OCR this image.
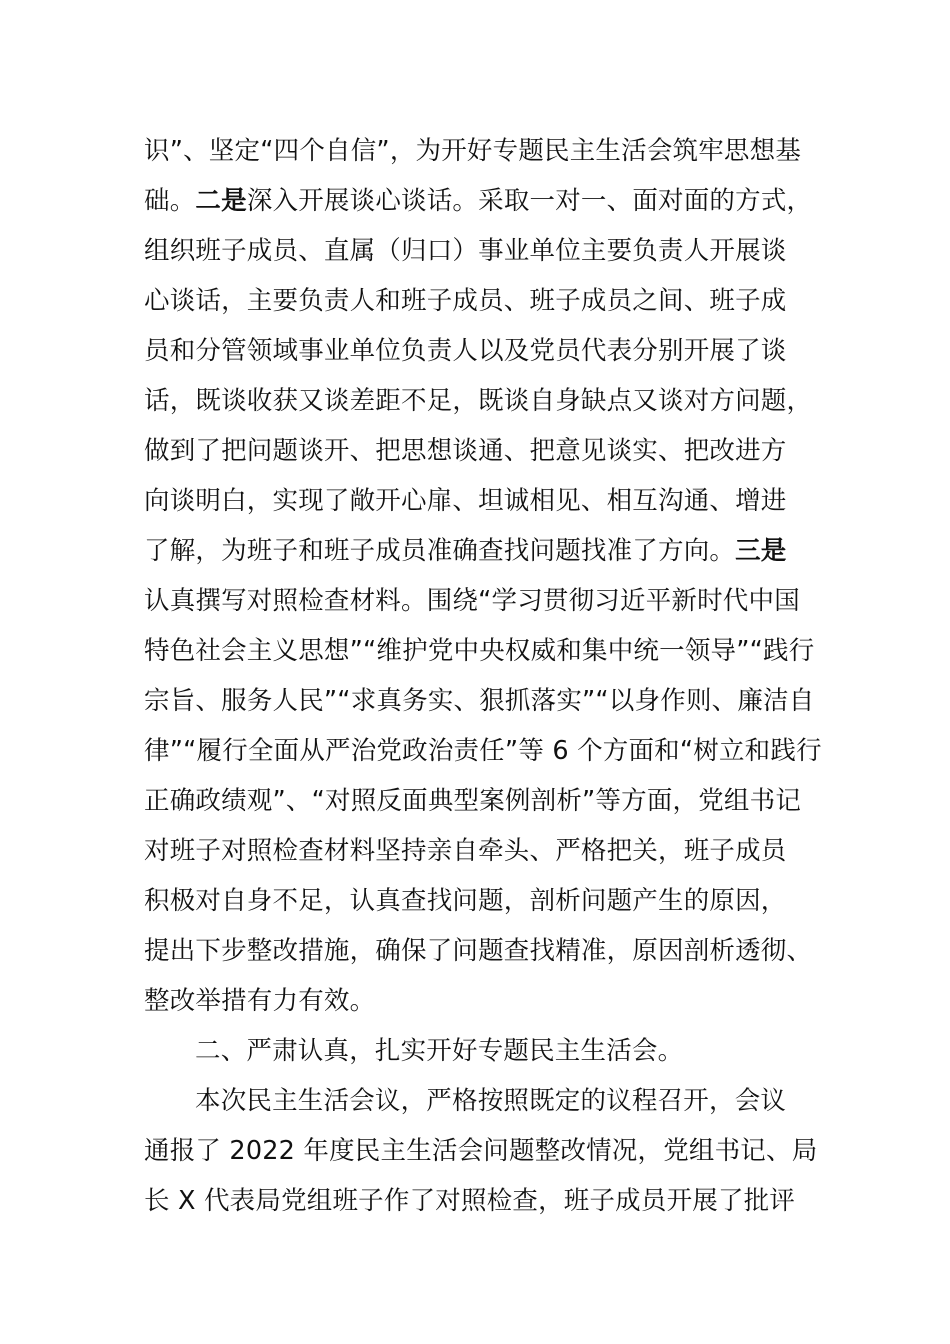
识”、坚定“四个自信”，为开好专题民主生活会筑牢思想基
础。二是深入开展谈心谈话。采取一对一、面对面的方式，
组织班子成员、直属（归口）事业单位主要负责人开展谈
心谈话，主要负责人和班子成员、班子成员之间、班子成
员和分管领域事业单位负责人以及党员代表分别开展了谈
话，既谈收获又谈差距不足，既谈自身缺点又谈对方问题，
做到了把问题谈开、把思想谈通、把意见谈实、把改进方
向谈明白，实现了敞开心扉、坦诚相见、相互沟通、增进
了解，为班子和班子成员准确查找问题找准了方向。三是
认真撰写对照检查材料。围绕“学习贯彻习近平新时代中国
特色社会主义思想”“维护党中央权威和集中统一领导”“践行
宗旨、服务人民”“求真务实、狠抓落实”“以身作则、廉洁自
律”“履行全面从严治党政治责任”等 6 个方面和“树立和践行
正确政绩观”、“对照反面典型案例剖析”等方面，党组书记
对班子对照检查材料坚持亲自牵头、严格把关，班子成员
积极对自身不足，认真查找问题，剖析问题产生的原因，
提出下步整改措施，确保了问题查找精准，原因剖析透彻、
整改举措有力有效。
二、严肃认真，扎实开好专题民主生活会。
本次民主生活会议，严格按照既定的议程召开，会议
通报了 2022 年度民主生活会问题整改情况，党组书记、局
长 X 代表局党组班子作了对照检查，班子成员开展了批评
